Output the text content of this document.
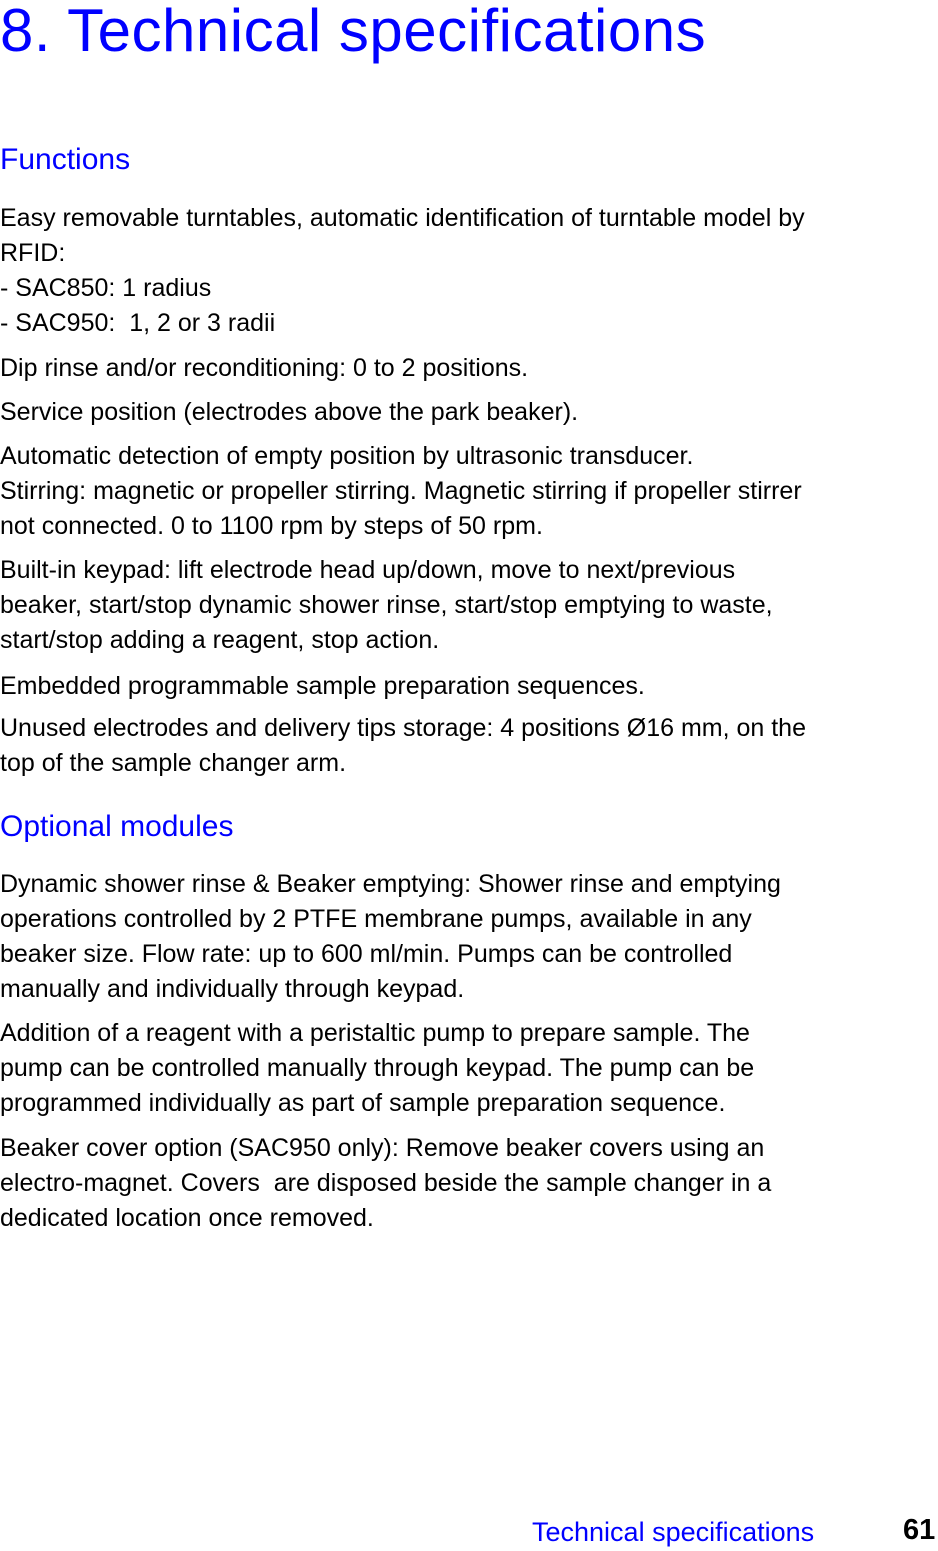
8. Technical specifications
Functions
Easy removable turntables, automatic identification of turntable model by
RFID:
- SAC850: 1 radius
- SAC950:  1, 2 or 3 radii
Dip rinse and/or reconditioning: 0 to 2 positions.
Service position (electrodes above the park beaker).
Automatic detection of empty position by ultrasonic transducer.
Stirring: magnetic or propeller stirring. Magnetic stirring if propeller stirrer
not connected. 0 to 1100 rpm by steps of 50 rpm.
Built-in keypad: lift electrode head up/down, move to next/previous
beaker, start/stop dynamic shower rinse, start/stop emptying to waste,
start/stop adding a reagent, stop action.
Embedded programmable sample preparation sequences.
Unused electrodes and delivery tips storage: 4 positions Ø16 mm, on the
top of the sample changer arm.
Optional modules
Dynamic shower rinse & Beaker emptying: Shower rinse and emptying
operations controlled by 2 PTFE membrane pumps, available in any
beaker size. Flow rate: up to 600 ml/min. Pumps can be controlled
manually and individually through keypad.
Addition of a reagent with a peristaltic pump to prepare sample. The
pump can be controlled manually through keypad. The pump can be
programmed individually as part of sample preparation sequence.
Beaker cover option (SAC950 only): Remove beaker covers using an
electro-magnet. Covers  are disposed beside the sample changer in a
dedicated location once removed.
Technical specifications	61
